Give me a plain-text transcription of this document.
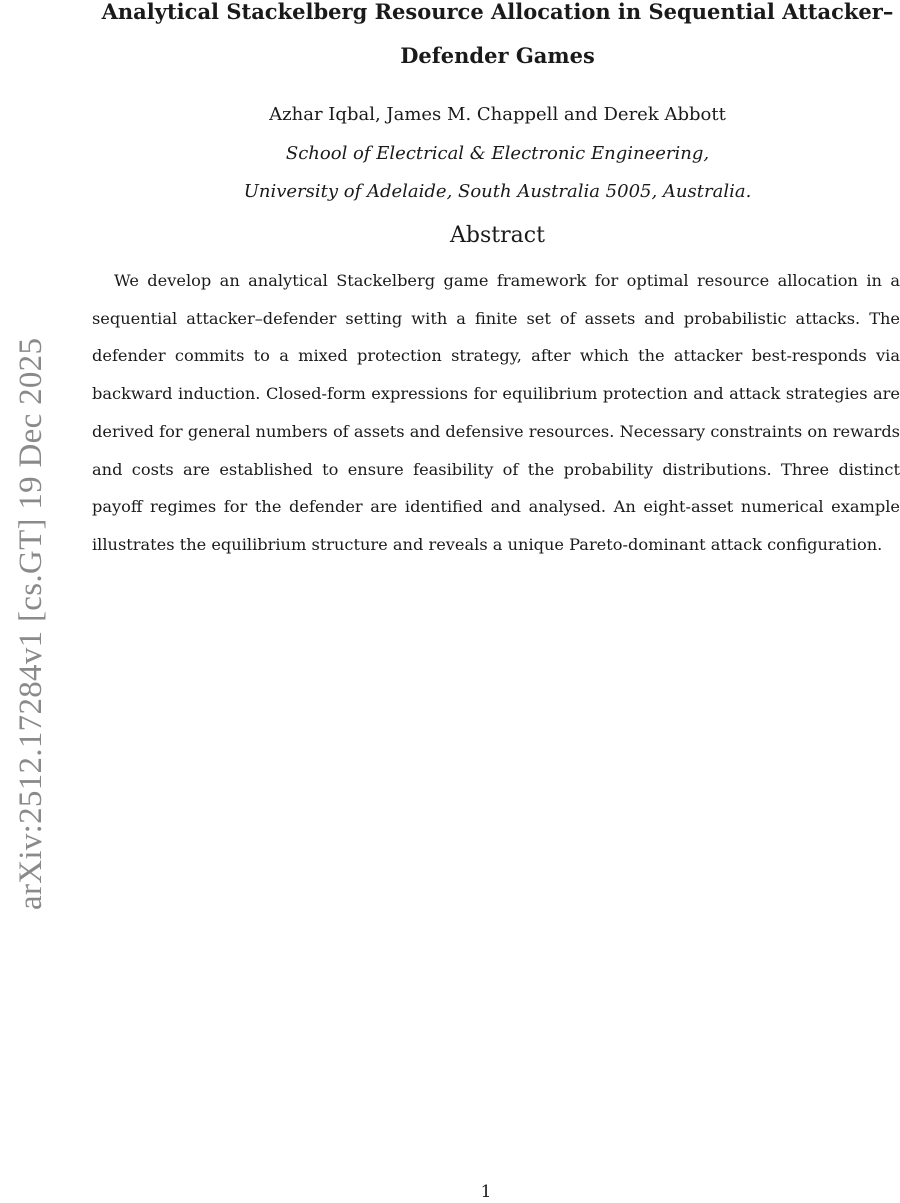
Analytical Stackelberg Resource Allocation in Sequential Attacker–Defender Games
Azhar Iqbal, James M. Chappell and Derek Abbott
School of Electrical & Electronic Engineering,
University of Adelaide, South Australia 5005, Australia.
Abstract

We develop an analytical Stackelberg game framework for optimal resource allocation in a sequential attacker–defender setting with a finite set of assets and probabilistic attacks. The defender commits to a mixed protection strategy, after which the attacker best-responds via backward induction. Closed-form expressions for equilibrium protection and attack strategies are derived for general numbers of assets and defensive resources. Necessary constraints on rewards and costs are established to ensure feasibility of the probability distributions. Three distinct payoff regimes for the defender are identified and analysed. An eight-asset numerical example illustrates the equilibrium structure and reveals a unique Pareto-dominant attack configuration.

arXiv:2512.17284v1 [cs.GT] 19 Dec 2025
1
